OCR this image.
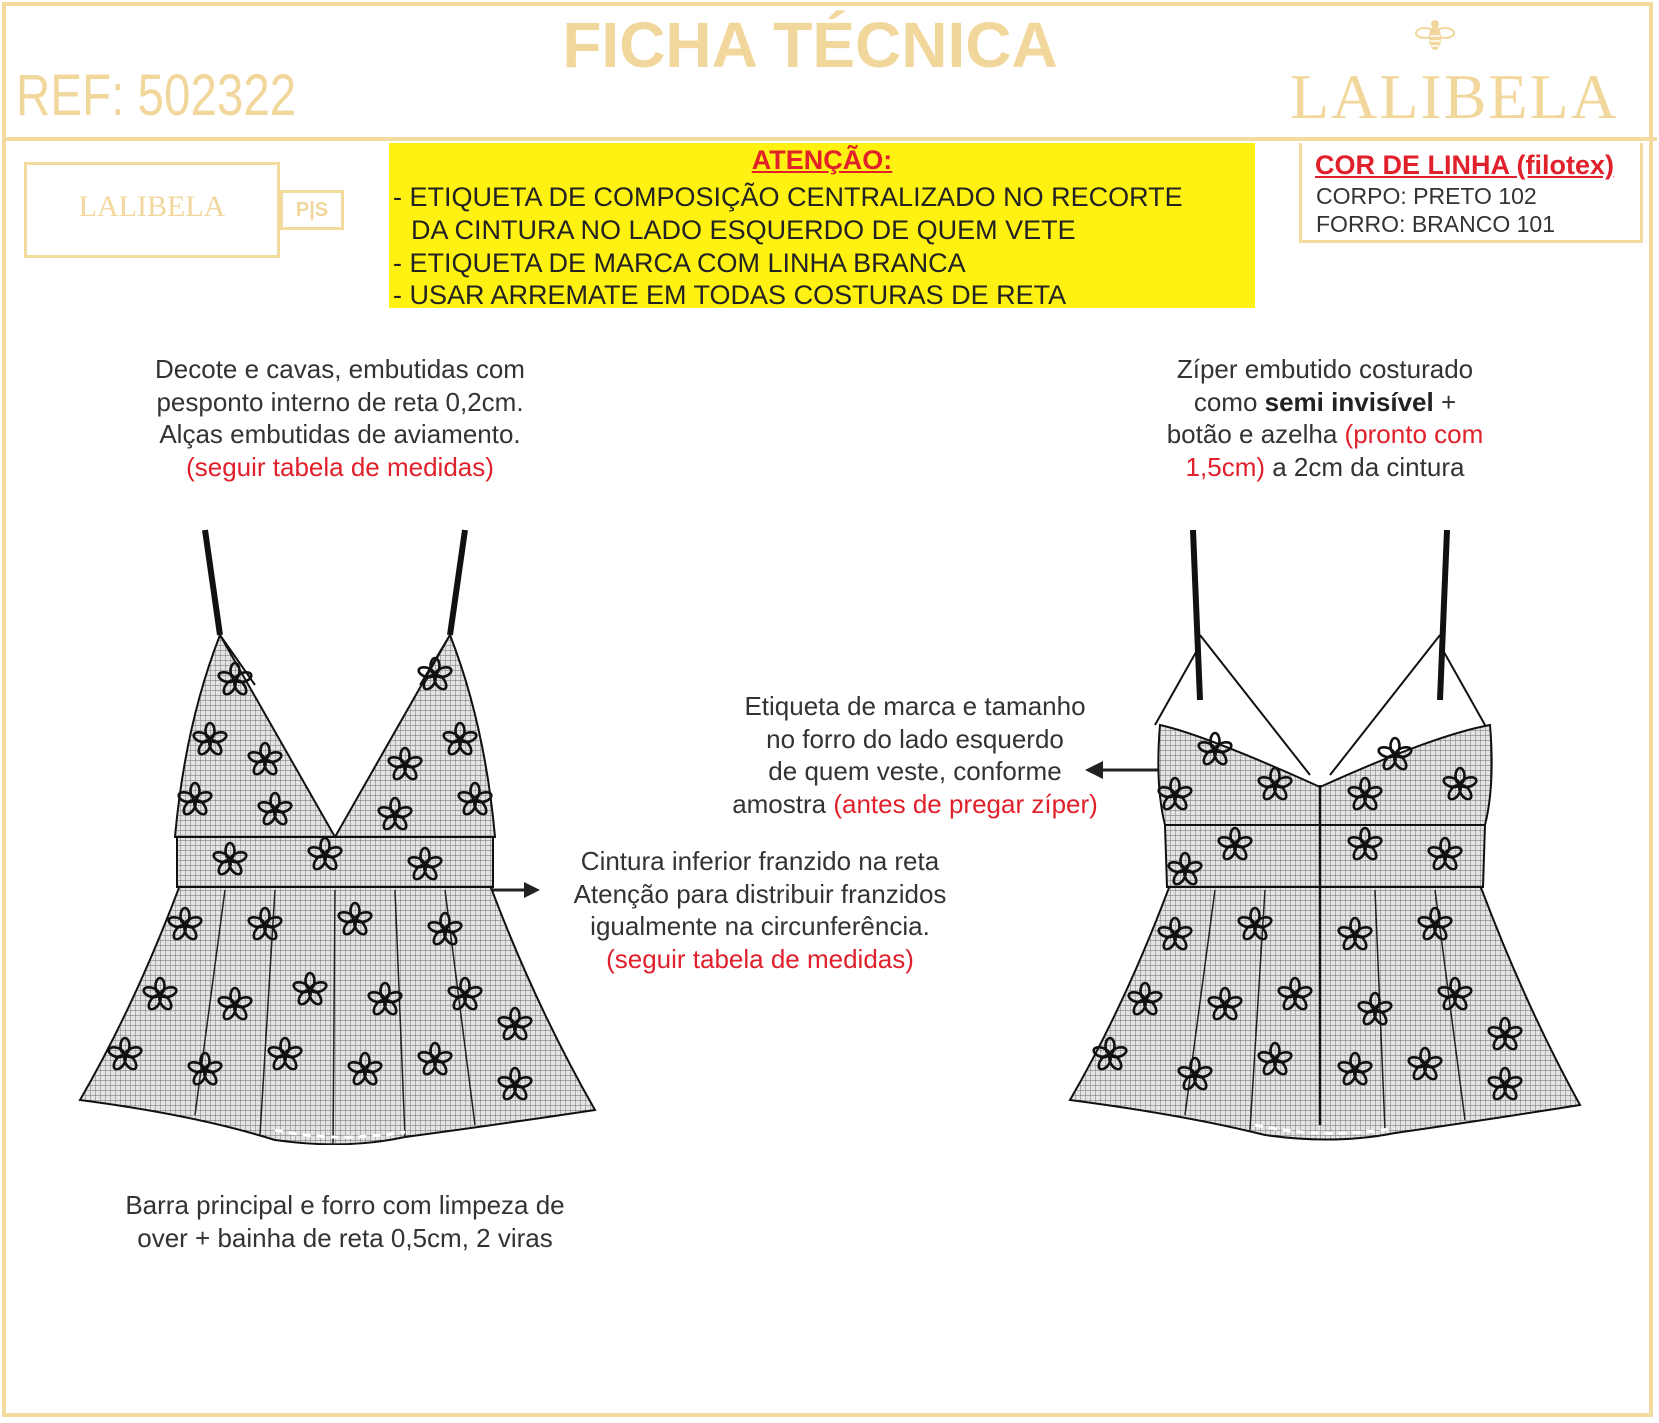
FICHA TÉCNICA
REF: 502322	LALIBELA
LALIBELA	P|S
ATENÇÃO:
- ETIQUETA DE COMPOSIÇÃO CENTRALIZADO NO RECORTE
DA CINTURA NO LADO ESQUERDO DE QUEM VETE
- ETIQUETA DE MARCA COM LINHA BRANCA
- USAR ARREMATE EM TODAS COSTURAS DE RETA
COR DE LINHA (filotex)
CORPO: PRETO 102
FORRO: BRANCO 101
Decote e cavas, embutidas com
pesponto interno de reta 0,2cm.
Alças embutidas de aviamento.
(seguir tabela de medidas)
Zíper embutido costurado
como semi invisível +
botão e azelha (pronto com
1,5cm) a 2cm da cintura
Etiqueta de marca e tamanho
no forro do lado esquerdo
de quem veste, conforme
amostra (antes de pregar zíper)
Cintura inferior franzido na reta
Atenção para distribuir franzidos
igualmente na circunferência.
(seguir tabela de medidas)
Barra principal e forro com limpeza de
over + bainha de reta 0,5cm, 2 viras
